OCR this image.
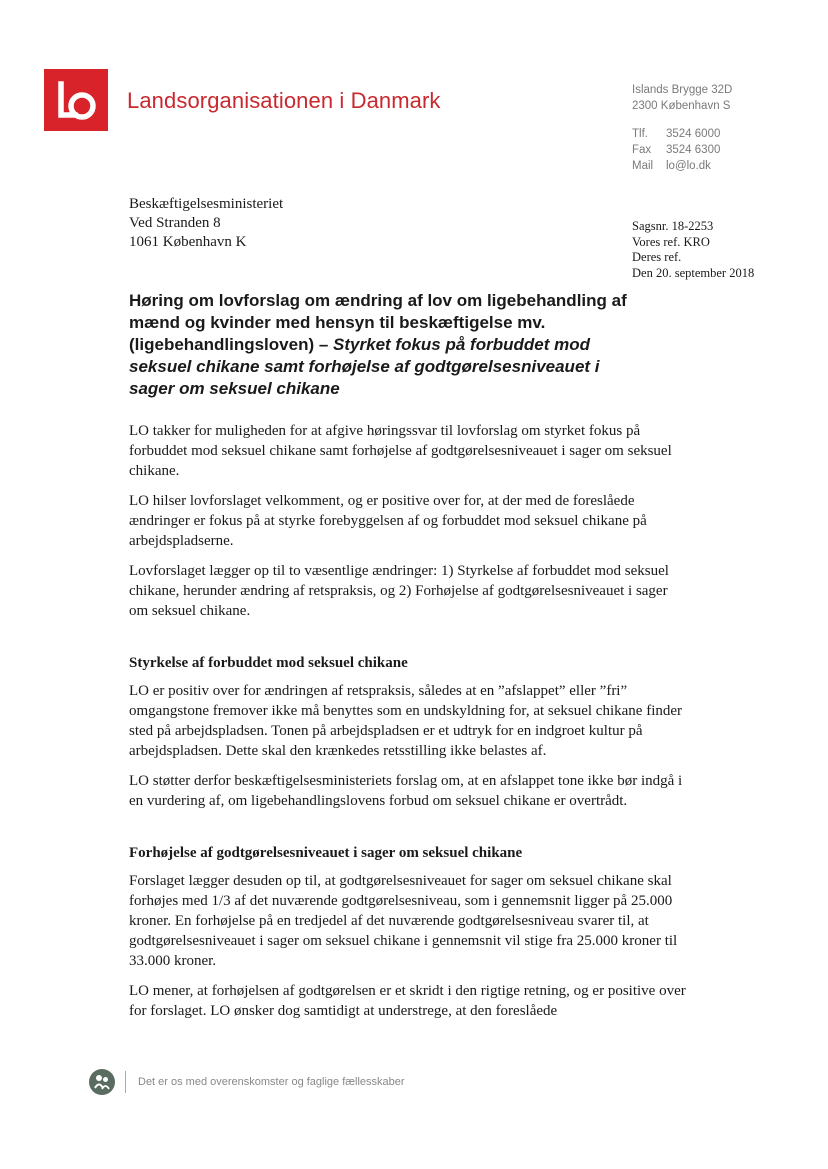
Landsorganisationen i Danmark	Islands Brygge 32D
2300 København S
Tlf.	3524 6000
Fax	3524 6300
Mail	lo@lo.dk
Beskæftigelsesministeriet
Ved Stranden 8
1061 København K
Sagsnr. 18-2253
Vores ref. KRO
Deres ref.
Den 20. september 2018
Høring om lovforslag om ændring af lov om ligebehandling af mænd og kvinder med hensyn til beskæftigelse mv. (ligebehandlingsloven) – Styrket fokus på forbuddet mod seksuel chikane samt forhøjelse af godtgørelsesniveauet i sager om seksuel chikane

LO takker for muligheden for at afgive høringssvar til lovforslag om styrket fokus på forbuddet mod seksuel chikane samt forhøjelse af godtgørelsesniveauet i sager om seksuel chikane.

LO hilser lovforslaget velkomment, og er positive over for, at der med de foreslåede ændringer er fokus på at styrke forebyggelsen af og forbuddet mod seksuel chikane på arbejdspladserne.

Lovforslaget lægger op til to væsentlige ændringer: 1) Styrkelse af forbuddet mod seksuel chikane, herunder ændring af retspraksis, og 2) Forhøjelse af godtgørelsesniveauet i sager om seksuel chikane.

Styrkelse af forbuddet mod seksuel chikane

LO er positiv over for ændringen af retspraksis, således at en ”afslappet” eller ”fri” omgangstone fremover ikke må benyttes som en undskyldning for, at seksuel chikane finder sted på arbejdspladsen. Tonen på arbejdspladsen er et udtryk for en indgroet kultur på arbejdspladsen. Dette skal den krænkedes retsstilling ikke belastes af.

LO støtter derfor beskæftigelsesministeriets forslag om, at en afslappet tone ikke bør indgå i en vurdering af, om ligebehandlingslovens forbud om seksuel chikane er overtrådt.

Forhøjelse af godtgørelsesniveauet i sager om seksuel chikane

Forslaget lægger desuden op til, at godtgørelsesniveauet for sager om seksuel chikane skal forhøjes med 1/3 af det nuværende godtgørelsesniveau, som i gennemsnit ligger på 25.000 kroner. En forhøjelse på en tredjedel af det nuværende godtgørelsesniveau svarer til, at godtgørelsesniveauet i sager om seksuel chikane i gennemsnit vil stige fra 25.000 kroner til 33.000 kroner.

LO mener, at forhøjelsen af godtgørelsen er et skridt i den rigtige retning, og er positive over for forslaget. LO ønsker dog samtidigt at understrege, at den foreslåede

Det er os med overenskomster og faglige fællesskaber
